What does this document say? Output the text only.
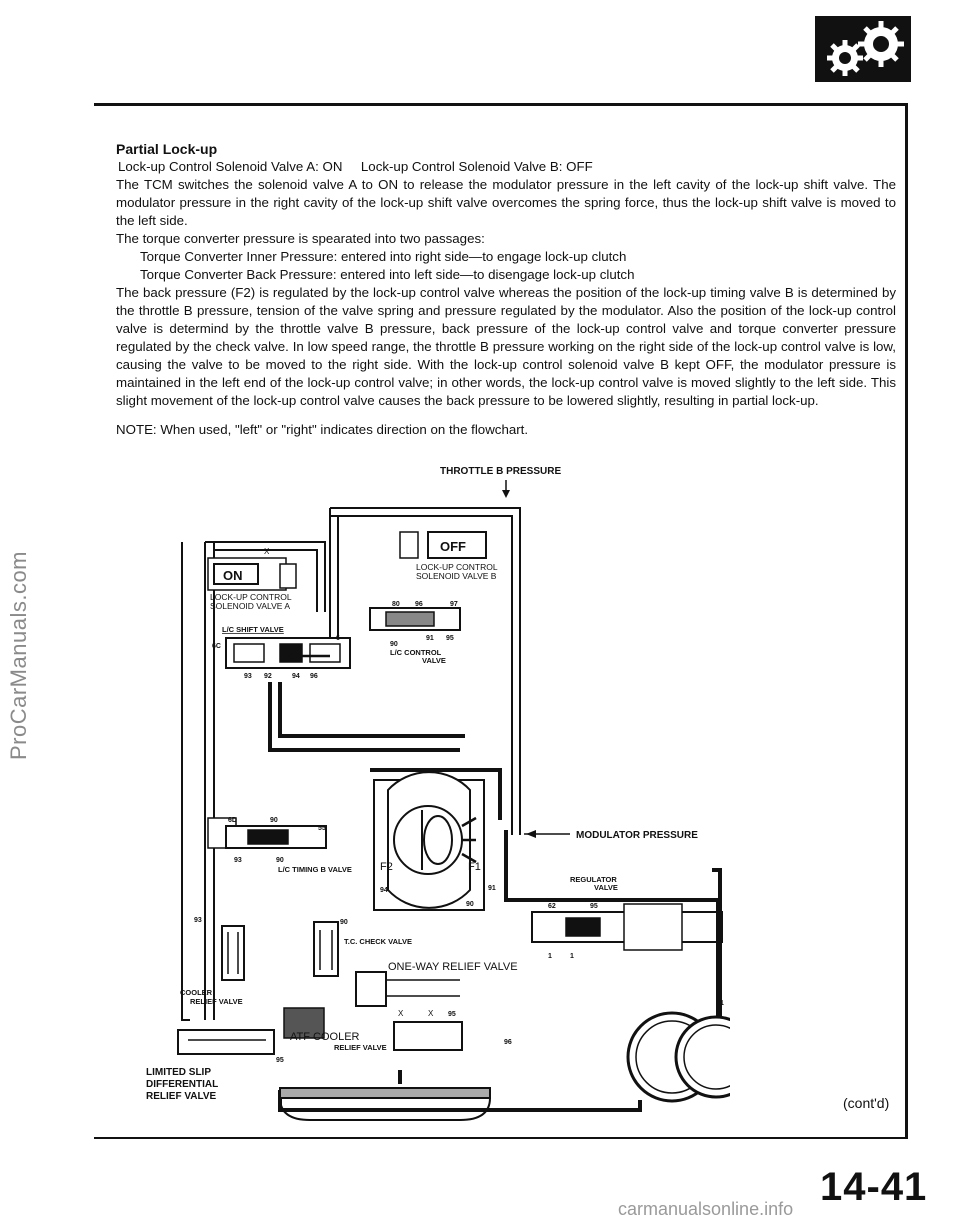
ProCarManuals.com

Partial Lock-up

Lock-up Control Solenoid Valve A: ON     Lock-up Control Solenoid Valve B: OFF

The TCM switches the solenoid valve A to ON to release the modulator pressure in the left cavity of the lock-up shift valve. The modulator pressure in the right cavity of the lock-up shift valve overcomes the spring force, thus the lock-up shift valve is moved to the left side.

The torque converter pressure is spearated into two passages:

Torque Converter Inner Pressure: entered into right side—to engage lock-up clutch

Torque Converter Back Pressure: entered into left side—to disengage lock-up clutch

The back pressure (F2) is regulated by the lock-up control valve whereas the position of the lock-up timing valve B is determined by the throttle B pressure, tension of the valve spring and pressure regulated by the modulator. Also the position of the lock-up control valve is determind by the throttle valve B pressure, back pressure of the lock-up control valve and torque converter pressure regulated by the check valve. In low speed range, the throttle B pressure working on the right side of the lock-up control valve is low, causing the valve to be moved to the right side. With the lock-up control solenoid valve B kept OFF, the modulator pressure is maintained in the left end of the lock-up control valve; in other words, the lock-up control valve is moved slightly to the left side. This slight movement of the lock-up control valve causes the back pressure to be lowered slightly, resulting in partial lock-up.

NOTE: When used, "left" or "right" indicates direction on the flowchart.

THROTTLE B PRESSURE
ON
X
LOCK-UP CONTROL
SOLENOID VALVE A
OFF
LOCK-UP CONTROL
SOLENOID VALVE B
L/C SHIFT VALVE
6C
6
93 92	94 96
80 96	97
91 95
90
L/C CONTROL
VALVE
F2	F1
94	91
90
MODULATOR PRESSURE
6D	90
55
93	90
L/C TIMING B VALVE
90
T.C. CHECK VALVE
93
COOLER
RELIEF VALVE
REGULATOR
VALVE
62	95
1	1
ONE-WAY RELIEF VALVE
ATF COOLER
RELIEF VALVE
X	X 95
96
95
LIMITED SLIP
DIFFERENTIAL
RELIEF VALVE
1
(cont'd)
14-41
carmanualsonline.info
